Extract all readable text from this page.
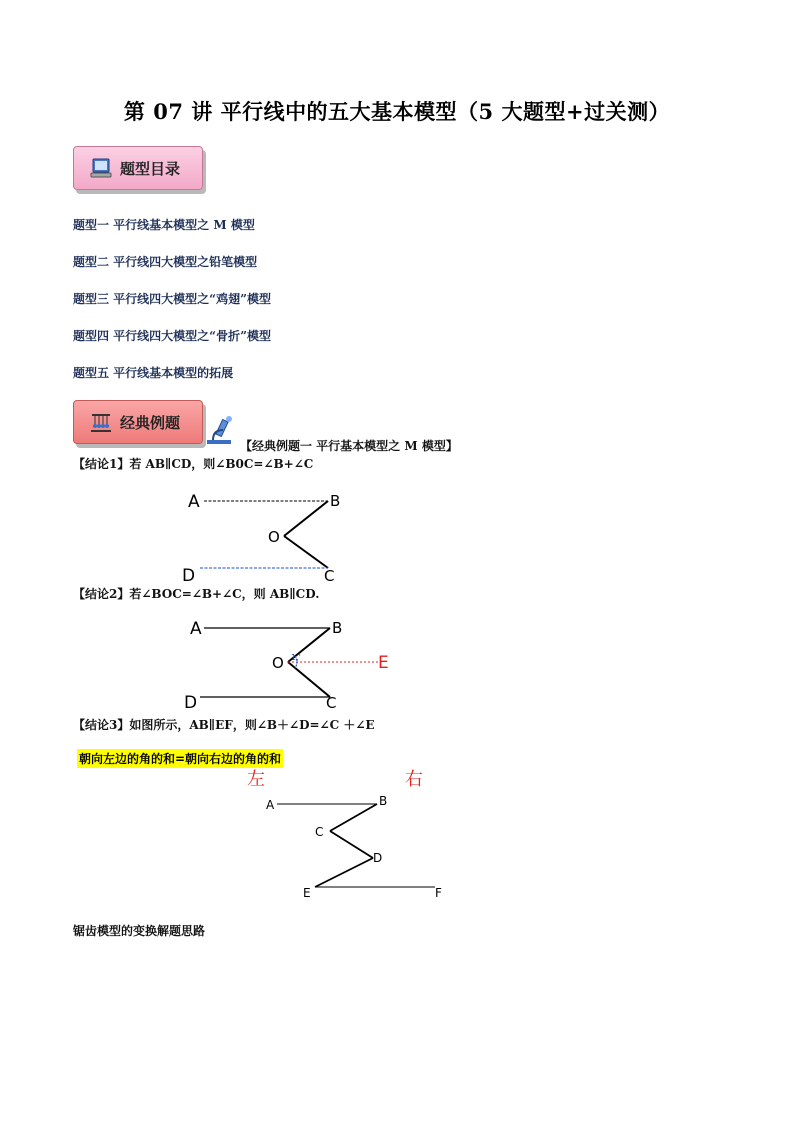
第 07 讲 平行线中的五大基本模型（5 大题型+过关测）
题型目录
题型一 平行线基本模型之 M 模型
题型二 平行线四大模型之铅笔模型
题型三 平行线四大模型之“鸡翅”模型
题型四 平行线四大模型之“骨折”模型
题型五 平行线基本模型的拓展
经典例题
【经典例题一 平行基本模型之 M 模型】
【结论1】若 AB∥CD，则∠B0C=∠B+∠C
A	B
O
C
D
【结论2】若∠BOC=∠B+∠C，则 AB∥CD.
1,'
A	B
O
C
D
E
【结论3】如图所示，AB∥EF，则∠B＋∠D=∠C ＋∠E
朝向左边的角的和=朝向右边的角的和
左	右
A	B
C
D
E	F
锯齿模型的变换解题思路
